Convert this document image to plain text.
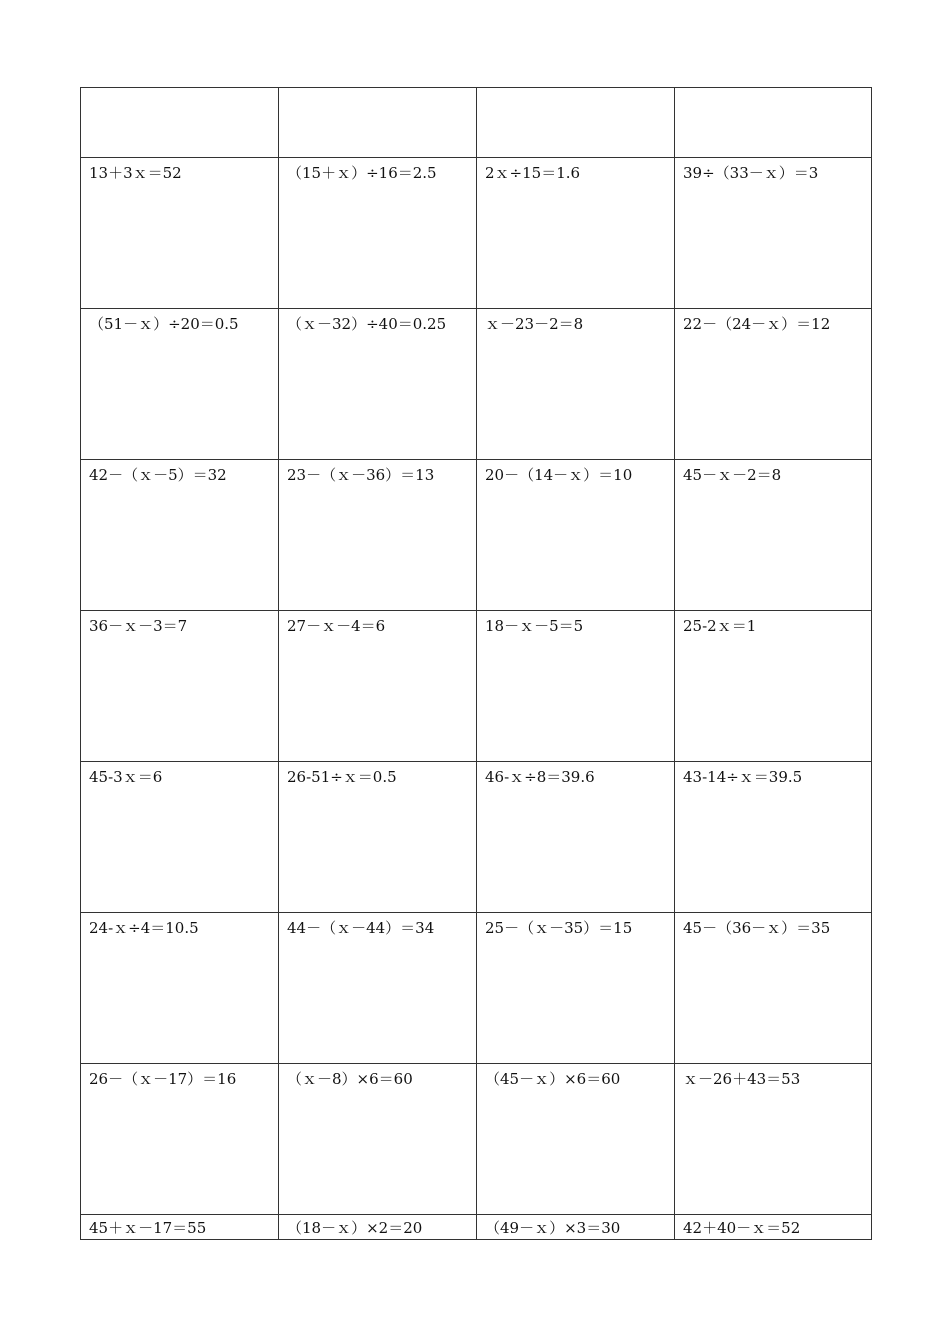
13＋3ｘ＝52	（15＋ｘ）÷16＝2.5	2ｘ÷15＝1.6	39÷（33－ｘ）＝3
（51－ｘ）÷20＝0.5	（ｘ－32）÷40＝0.25	ｘ－23－2＝8	22－（24－ｘ）＝12
42－（ｘ－5）＝32	23－（ｘ－36）＝13	20－（14－ｘ）＝10	45－ｘ－2＝8
36－ｘ－3＝7	27－ｘ－4＝6	18－ｘ－5＝5	25-2ｘ＝1
45-3ｘ＝6	26-51÷ｘ＝0.5	46-ｘ÷8＝39.6	43-14÷ｘ＝39.5
24-ｘ÷4＝10.5	44－（ｘ－44）＝34	25－（ｘ－35）＝15	45－（36－ｘ）＝35
26－（ｘ－17）＝16	（ｘ－8）×6＝60	（45－ｘ）×6＝60	ｘ－26＋43＝53
45＋ｘ－17＝55	（18－ｘ）×2＝20	（49－ｘ）×3＝30	42＋40－ｘ＝52
